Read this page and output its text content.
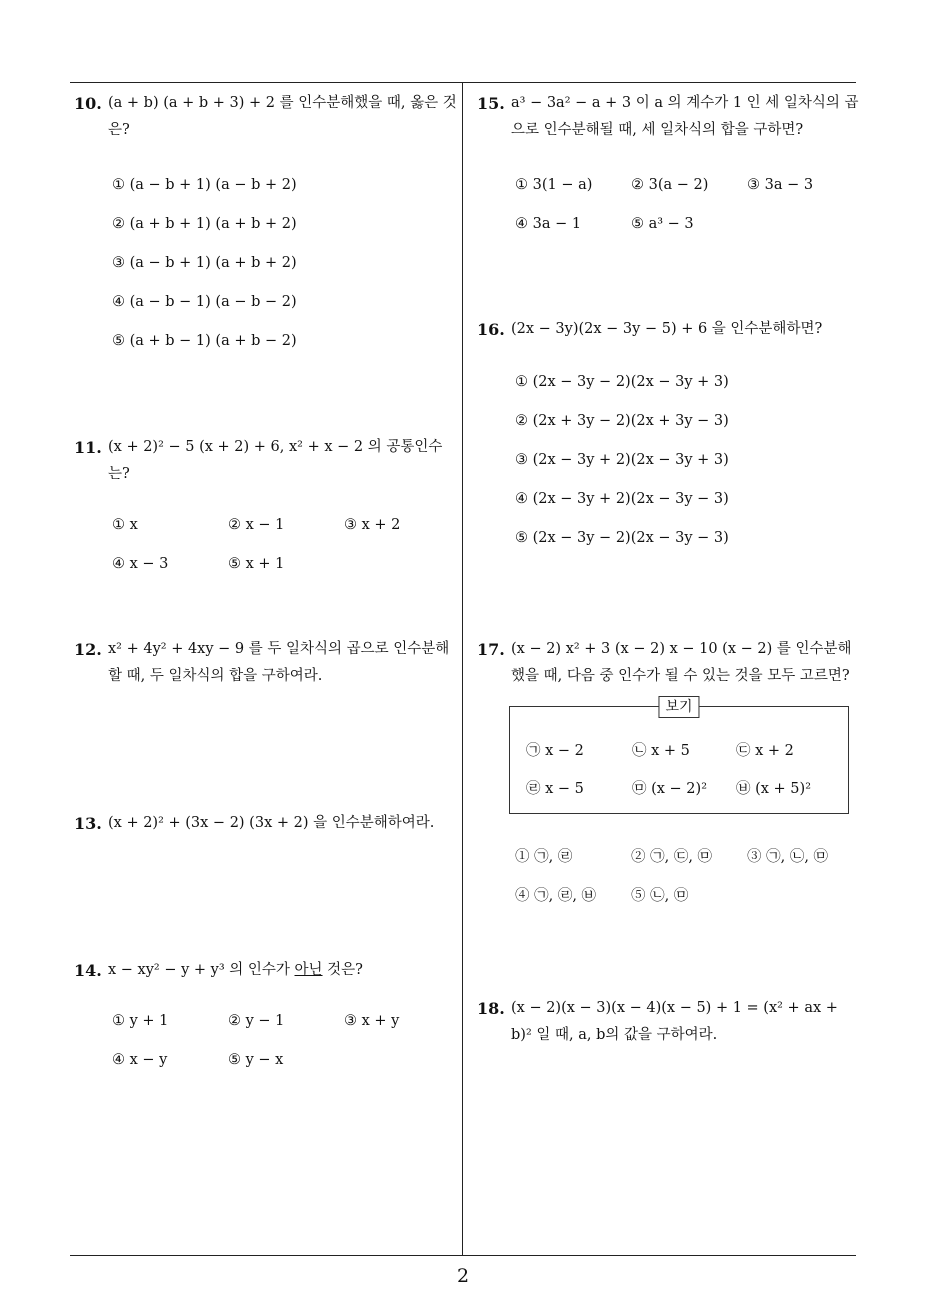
10. (a + b) (a + b + 3) + 2 를 인수분해했을 때, 옳은 것은?
① (a − b + 1) (a − b + 2)
② (a + b + 1) (a + b + 2)
③ (a − b + 1) (a + b + 2)
④ (a − b − 1) (a − b − 2)
⑤ (a + b − 1) (a + b − 2)
11. (x + 2)² − 5 (x + 2) + 6, x² + x − 2 의 공통인수는?
① x	② x − 1	③ x + 2
④ x − 3	⑤ x + 1
12. x² + 4y² + 4xy − 9 를 두 일차식의 곱으로 인수분해할 때, 두 일차식의 합을 구하여라.
13. (x + 2)² + (3x − 2) (3x + 2) 을 인수분해하여라.
14. x − xy² − y + y³ 의 인수가 아닌 것은?
① y + 1	② y − 1	③ x + y
④ x − y	⑤ y − x
15. a³ − 3a² − a + 3 이 a 의 계수가 1 인 세 일차식의 곱으로 인수분해될 때, 세 일차식의 합을 구하면?
① 3(1 − a)	② 3(a − 2)	③ 3a − 3
④ 3a − 1	⑤ a³ − 3
16. (2x − 3y)(2x − 3y − 5) + 6 을 인수분해하면?
① (2x − 3y − 2)(2x − 3y + 3)
② (2x + 3y − 2)(2x + 3y − 3)
③ (2x − 3y + 2)(2x − 3y + 3)
④ (2x − 3y + 2)(2x − 3y − 3)
⑤ (2x − 3y − 2)(2x − 3y − 3)
17. (x − 2) x² + 3 (x − 2) x − 10 (x − 2) 를 인수분해했을 때, 다음 중 인수가 될 수 있는 것을 모두 고르면?
보기
㉠ x − 2	㉡ x + 5	㉢ x + 2
㉣ x − 5	㉤ (x − 2)² ㉥ (x + 5)²
① ㉠, ㉣	② ㉠, ㉢, ㉤ ③ ㉠, ㉡, ㉤
④ ㉠, ㉣, ㉥ ⑤ ㉡, ㉤
18. (x − 2)(x − 3)(x − 4)(x − 5) + 1 = (x² + ax + b)² 일 때, a, b의 값을 구하여라.
2
